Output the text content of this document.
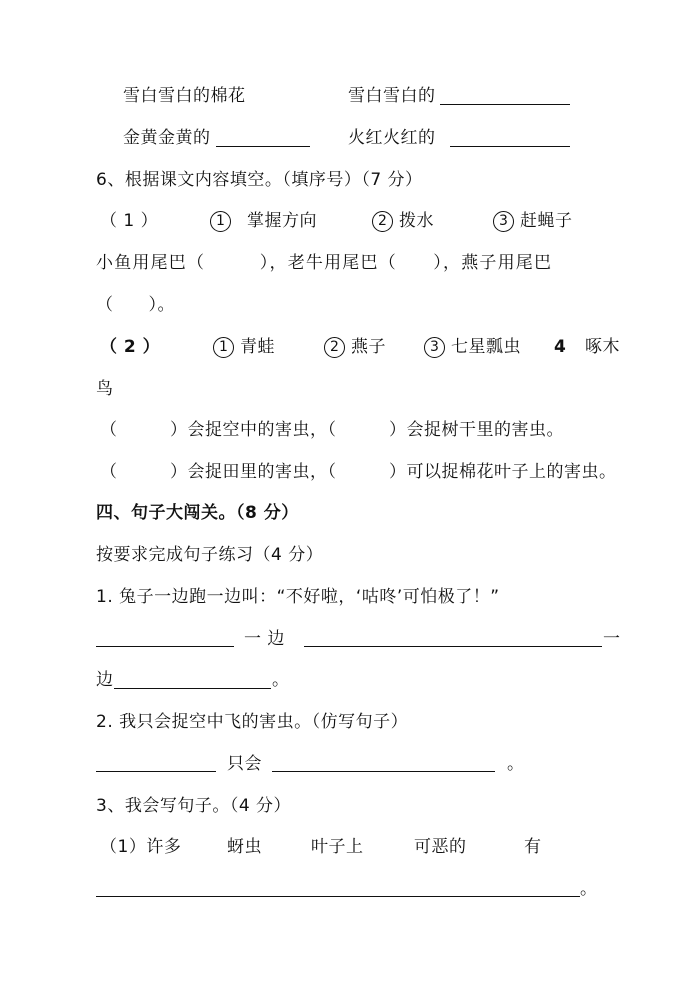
雪白雪白的棉花	雪白雪白的
金黄金黄的	火红火红的
6、根据课文内容填空。（填序号）（7 分）
（ 1 ）	1 掌握方向	2 拨水	3 赶蝇子
小鱼用尾巴（　　　），老牛用尾巴（　　），燕子用尾巴
（　　）。
（ 2 ）	1 青蛙	2 燕子	3 七星瓢虫 4 啄木
鸟
（　　　）会捉空中的害虫，（　　　）会捉树干里的害虫。
（　　　）会捉田里的害虫，（　　　）可以捉棉花叶子上的害虫。
四、句子大闯关。（8 分）
按要求完成句子练习（4 分）
1. 兔子一边跑一边叫：“不好啦，‘咕咚’可怕极了！”
一 边	一
边	。
2. 我只会捉空中飞的害虫。（仿写句子）
只会	。
3、我会写句子。（4 分）
（1）许多	蚜虫	叶子上	可恶的	有
。
